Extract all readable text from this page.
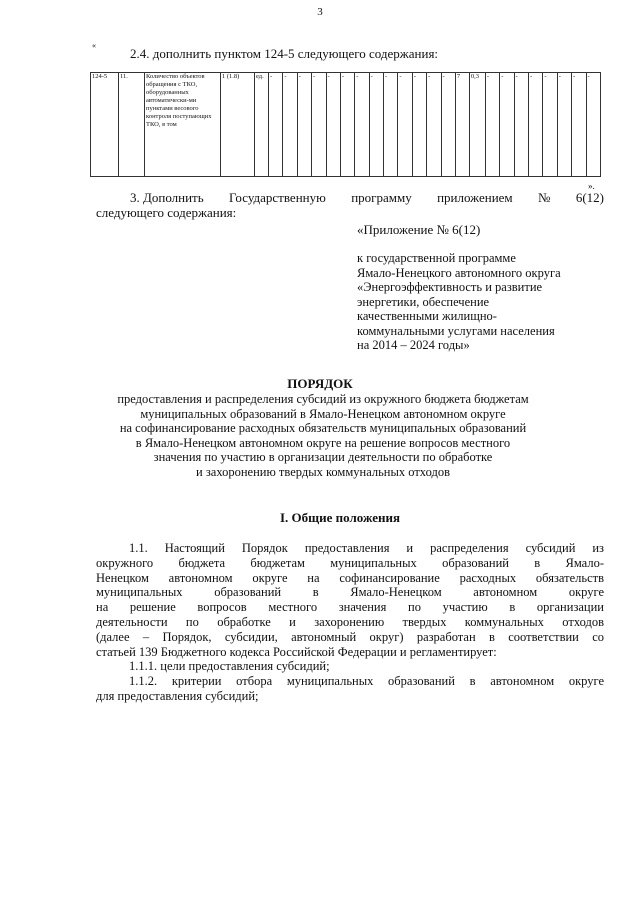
3
«
2.4. дополнить пунктом 124-5 следующего содержания:
124-5	11.	Количество объектов обращения с ТКО, оборудованных автоматически-ми пунктами весового контроля поступающих ТКО, в том	1 (1.8)	ед.	-	-	-	-	-	-	-	-	-	-	-	-	-	7	0,3	-	-	-	-	-	-	-	-
».
3. Дополнить Государственную программу приложением № 6(12)
следующего содержания:
«Приложение № 6(12)
к государственной программе
Ямало-Ненецкого автономного округа
«Энергоэффективность и развитие
энергетики, обеспечение
качественными жилищно-
коммунальными услугами населения
на 2014 – 2024 годы»
ПОРЯДОК
предоставления и распределения субсидий из окружного бюджета бюджетам
муниципальных образований в Ямало-Ненецком автономном округе
на софинансирование расходных обязательств муниципальных образований
в Ямало-Ненецком автономном округе на решение вопросов местного
значения по участию в организации деятельности по обработке
и захоронению твердых коммунальных отходов
I. Общие положения
1.1. Настоящий Порядок предоставления и распределения субсидий из
окружного бюджета бюджетам муниципальных образований в Ямало-
Ненецком автономном округе на софинансирование расходных обязательств
муниципальных образований в Ямало-Ненецком автономном округе
на решение вопросов местного значения по участию в организации
деятельности по обработке и захоронению твердых коммунальных отходов
(далее – Порядок, субсидии, автономный округ) разработан в соответствии со
статьей 139 Бюджетного кодекса Российской Федерации и регламентирует:
1.1.1. цели предоставления субсидий;
1.1.2. критерии отбора муниципальных образований в автономном округе
для предоставления субсидий;
